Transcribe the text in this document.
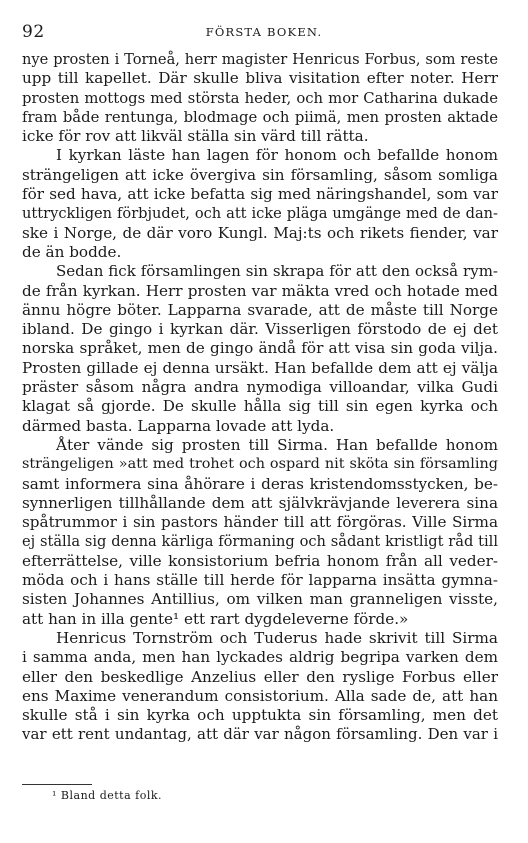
92	FÖRSTA BOKEN.
nye prosten i Torneå, herr magister Henricus Forbus, som reste
upp till kapellet. Där skulle bliva visitation efter noter. Herr
prosten mottogs med största heder, och mor Catharina dukade
fram både rentunga, blodmage och piimä, men prosten aktade
icke för rov att likväl ställa sin värd till rätta.
I kyrkan läste han lagen för honom och befallde honom
strängeligen att icke övergiva sin församling, såsom somliga
för sed hava, att icke befatta sig med näringshandel, som var
uttryckligen förbjudet, och att icke pläga umgänge med de dan-
ske i Norge, de där voro Kungl. Maj:ts och rikets fiender, var
de än bodde.
Sedan fick församlingen sin skrapa för att den också rym-
de från kyrkan. Herr prosten var mäkta vred och hotade med
ännu högre böter. Lapparna svarade, att de måste till Norge
ibland. De gingo i kyrkan där. Visserligen förstodo de ej det
norska språket, men de gingo ändå för att visa sin goda vilja.
Prosten gillade ej denna ursäkt. Han befallde dem att ej välja
präster såsom några andra nymodiga villoandar, vilka Gudi
klagat så gjorde. De skulle hålla sig till sin egen kyrka och
därmed basta. Lapparna lovade att lyda.
Åter vände sig prosten till Sirma. Han befallde honom
strängeligen »att med trohet och ospard nit sköta sin församling
samt informera sina åhörare i deras kristendomsstycken, be-
synnerligen tillhållande dem att självkrävjande leverera sina
spåtrummor i sin pastors händer till att förgöras. Ville Sirma
ej ställa sig denna kärliga förmaning och sådant kristligt råd till
efterrättelse, ville konsistorium befria honom från all veder-
möda och i hans ställe till herde för lapparna insätta gymna-
sisten Johannes Antillius, om vilken man granneligen visste,
att han in illa gente¹ ett rart dygdeleverne förde.»
Henricus Tornström och Tuderus hade skrivit till Sirma
i samma anda, men han lyckades aldrig begripa varken dem
eller den beskedlige Anzelius eller den ryslige Forbus eller
ens Maxime venerandum consistorium. Alla sade de, att han
skulle stå i sin kyrka och upptukta sin församling, men det
var ett rent undantag, att där var någon församling. Den var i
¹ Bland detta folk.
